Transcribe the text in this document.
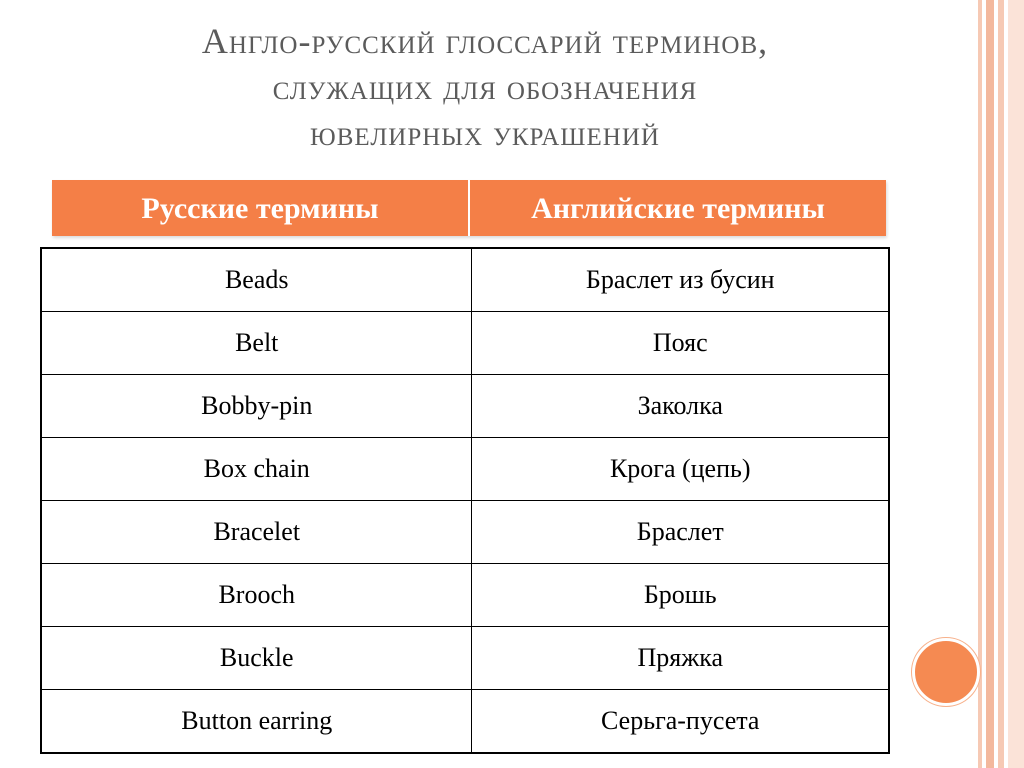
Англо-русский глоссарий терминов,
служащих для обозначения
ювелирных украшений
Русские термины	Английские термины
Beads	Браслет из бусин
Belt	Пояс
Bobby-pin	Заколка
Box chain	Крога (цепь)
Bracelet	Браслет
Brooch	Брошь
Buckle	Пряжка
Button earring	Серьга-пусета
